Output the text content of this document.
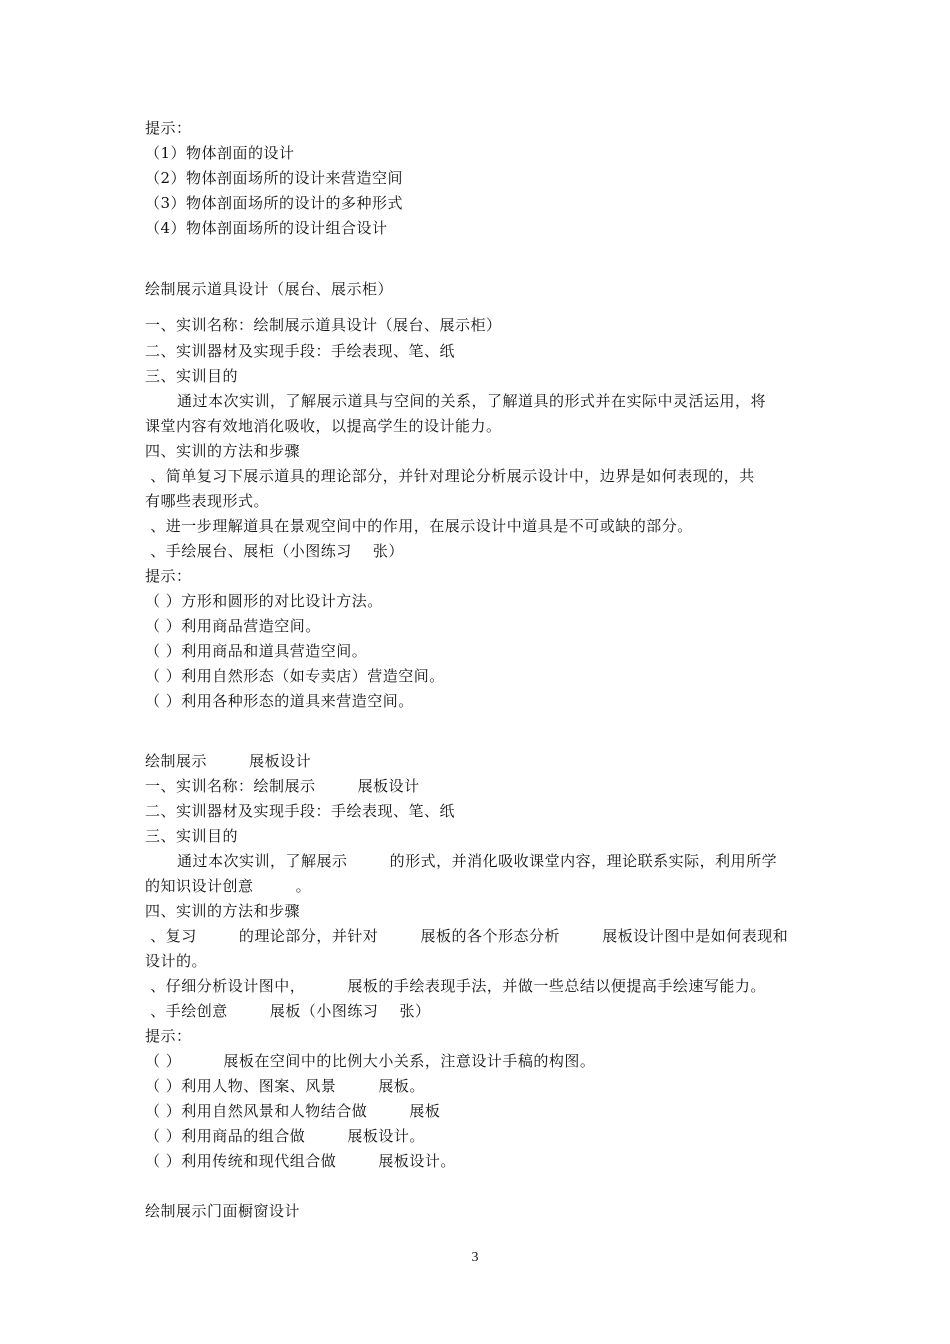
提示：
（1）物体剖面的设计
（2）物体剖面场所的设计来营造空间
（3）物体剖面场所的设计的多种形式
（4）物体剖面场所的设计组合设计
绘制展示道具设计（展台、展示柜）
一、实训名称：绘制展示道具设计（展台、展示柜）
二、实训器材及实现手段：手绘表现、笔、纸
三、实训目的
通过本次实训，了解展示道具与空间的关系，了解道具的形式并在实际中灵活运用，将
课堂内容有效地消化吸收，以提高学生的设计能力。
四、实训的方法和步骤
、简单复习下展示道具的理论部分，并针对理论分析展示设计中，边界是如何表现的，共
有哪些表现形式。
、进一步理解道具在景观空间中的作用，在展示设计中道具是不可或缺的部分。
、手绘展台、展柜（小图练习    张）
提示：
（ ）方形和圆形的对比设计方法。
（ ）利用商品营造空间。
（ ）利用商品和道具营造空间。
（ ）利用自然形态（如专卖店）营造空间。
（ ）利用各种形态的道具来营造空间。
绘制展示        展板设计
一、实训名称：绘制展示        展板设计
二、实训器材及实现手段：手绘表现、笔、纸
三、实训目的
通过本次实训，了解展示        的形式，并消化吸收课堂内容，理论联系实际，利用所学
的知识设计创意        。
四、实训的方法和步骤
、复习        的理论部分，并针对        展板的各个形态分析        展板设计图中是如何表现和
设计的。
、仔细分析设计图中，        展板的手绘表现手法，并做一些总结以便提高手绘速写能力。
、手绘创意        展板（小图练习    张）
提示：
（ ）        展板在空间中的比例大小关系，注意设计手稿的构图。
（ ）利用人物、图案、风景        展板。
（ ）利用自然风景和人物结合做        展板
（ ）利用商品的组合做        展板设计。
（ ）利用传统和现代组合做        展板设计。
绘制展示门面橱窗设计
3
